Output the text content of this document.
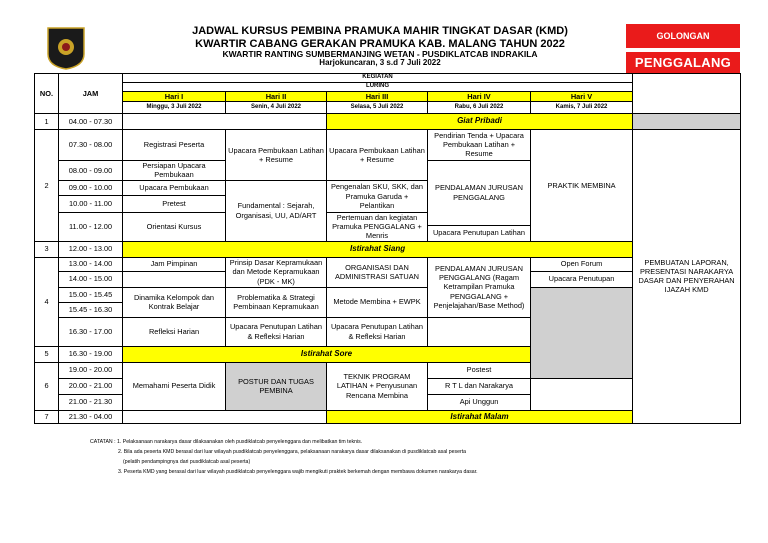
JADWAL KURSUS PEMBINA PRAMUKA MAHIR TINGKAT DASAR (KMD)
KWARTIR CABANG GERAKAN PRAMUKA KAB. MALANG TAHUN 2022
KWARTIR RANTING SUMBERMANJING WETAN - PUSDIKLATCAB INDRAKILA
Harjokuncaran, 3 s.d 7 Juli 2022
GOLONGAN
PENGGALANG
NO.	JAM	KEGIATAN						
		LURING						
		Hari I	Hari II	Hari III	Hari IV	Hari V		
		Minggu, 3 Juli 2022	Senin, 4 Juli 2022	Selasa, 5 Juli 2022	Rabu, 6 Juli 2022	Kamis, 7 Juli 2022		
1	04.00 - 07.30			Giat Pribadi				
2	07.30 - 08.00	Registrasi Peserta	Upacara Pembukaan Latihan + Resume	Upacara Pembukaan Latihan + Resume	Pendirian Tenda + Upacara Pembukaan Latihan + Resume	PRAKTIK MEMBINA	PEMBUATAN LAPORAN, PRESENTASI NARAKARYA DASAR DAN PENYERAHAN IJAZAH KMD	
	08.00 - 09.00	Persiapan Upacara Pembukaan			PENDALAMAN JURUSAN PENGGALANG			
	09.00 - 10.00	Upacara Pembukaan	Fundamental : Sejarah, Organisasi, UU, AD/ART	Pengenalan SKU, SKK, dan Pramuka Garuda + Pelantikan				
	10.00 - 11.00	Pretest						
	11.00 - 12.00	Orientasi Kursus		Pertemuan dan kegiatan Pramuka PENGGALANG + Menris				
					Upacara Penutupan Latihan			
3	12.00 - 13.00	Istirahat Siang						
4	13.00 - 14.00	Jam Pimpinan	Prinsip Dasar Kepramukaan dan Metode Kepramukaan (PDK - MK)	ORGANISASI DAN ADMINISTRASI SATUAN	PENDALAMAN JURUSAN PENGGALANG (Ragam Ketrampilan Pramuka PENGGALANG + Penjelajahan/Base Method)	Open Forum		
	14.00 - 15.00					Upacara Penutupan		
	15.00 - 15.45	Dinamika Kelompok dan Kontrak Belajar	Problematika & Strategi Pembinaan Kepramukaan	Metode Membina + EWPK				
	15.45 - 16.30							
	16.30 - 17.00	Refleksi Harian	Upacara Penutupan Latihan & Refleksi Harian	Upacara Penutupan Latihan & Refleksi Harian				
5	16.30 - 19.00	Istirahat Sore						
6	19.00 - 20.00	Memahami Peserta Didik	POSTUR DAN TUGAS PEMBINA	TEKNIK PROGRAM LATIHAN + Penyusunan Rencana Membina	Postest			
	20.00 - 21.00				R T L dan Narakarya			
	21.00 - 21.30				Api Unggun			
7	21.30 - 04.00			Istirahat Malam				
CATATAN : 1. Pelaksanaan narakarya dasar dilaksanakan oleh pusdiklatcab penyelenggara dan melibatkan tim teknis.
2. Bila ada peserta KMD berasal dari luar wilayah pusdiklatcab penyelenggara, pelaksanaan narakarya dasar dilaksanakan di pusdiklatcab asal peserta
(pelatih pendampingnya dari pusdiklatcab asal peserta)
3. Peserta KMD yang berasal dari luar wilayah pusdiklatcab penyelenggara wajib mengikuti praktek berkemah dengan membawa dokumen narakarya dasar.
